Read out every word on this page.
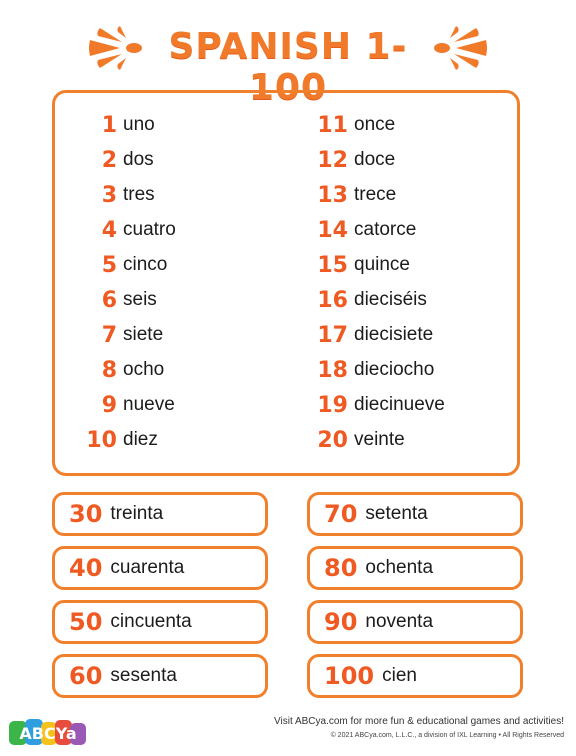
SPANISH 1-100
1 uno
2 dos
3 tres
4 cuatro
5 cinco
6 seis
7 siete
8 ocho
9 nueve
10 diez
11 once
12 doce
13 trece
14 catorce
15 quince
16 dieciséis
17 diecisiete
18 dieciocho
19 diecinueve
20 veinte
30 treinta
40 cuarenta
50 cincuenta
60 sesenta
70 setenta
80 ochenta
90 noventa
100 cien
ABCYa
Visit ABCya.com for more fun & educational games and activities!
© 2021 ABCya.com, L.L.C., a division of IXL Learning • All Rights Reserved
